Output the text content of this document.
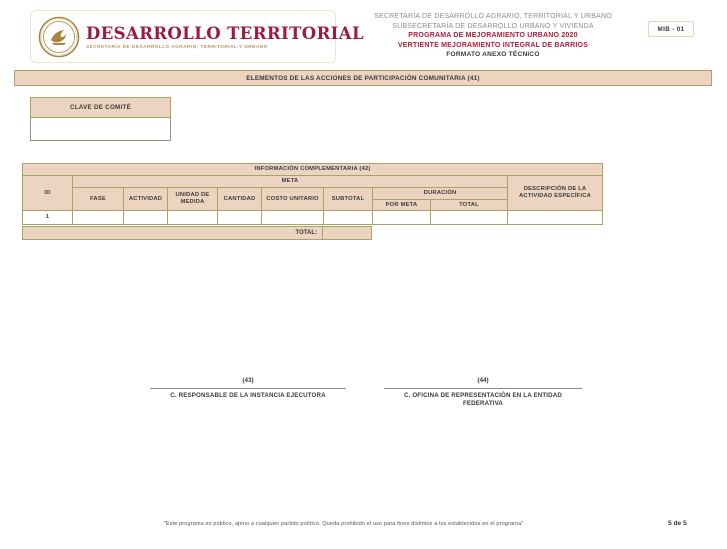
DESARROLLO TERRITORIAL
SECRETARÍA DE DESARROLLO AGRARIO, TERRITORIAL Y URBANO
SECRETARÍA DE DESARROLLO AGRARIO, TERRITORIAL Y URBANO
SUBSECRETARÍA DE DESARROLLO URBANO Y VIVIENDA
PROGRAMA DE MEJORAMIENTO URBANO 2020
VERTIENTE MEJORAMIENTO INTEGRAL DE BARRIOS
FORMATO ANEXO TÉCNICO
MIB - 01
ELEMENTOS DE LAS ACCIONES DE PARTICIPACIÓN COMUNITARIA (41)
CLAVE DE COMITÉ
INFORMACIÓN COMPLEMENTARIA (42)									
ID	META								DESCRIPCIÓN DE LA ACTIVIDAD ESPECÍFICA
	FASE	ACTIVIDAD	UNIDAD DE MEDIDA	CANTIDAD	COSTO UNITARIO	SUBTOTAL	DURACIÓN		
							POR META	TOTAL	
1									
TOTAL:
(43)
C. RESPONSABLE DE LA INSTANCIA EJECUTORA
(44)
C. OFICINA DE REPRESENTACIÓN EN LA ENTIDAD FEDERATIVA
"Este programa es público, ajeno a cualquier partido político. Queda prohibido el uso para fines distintos a los establecidos en el programa"	5 de 5
